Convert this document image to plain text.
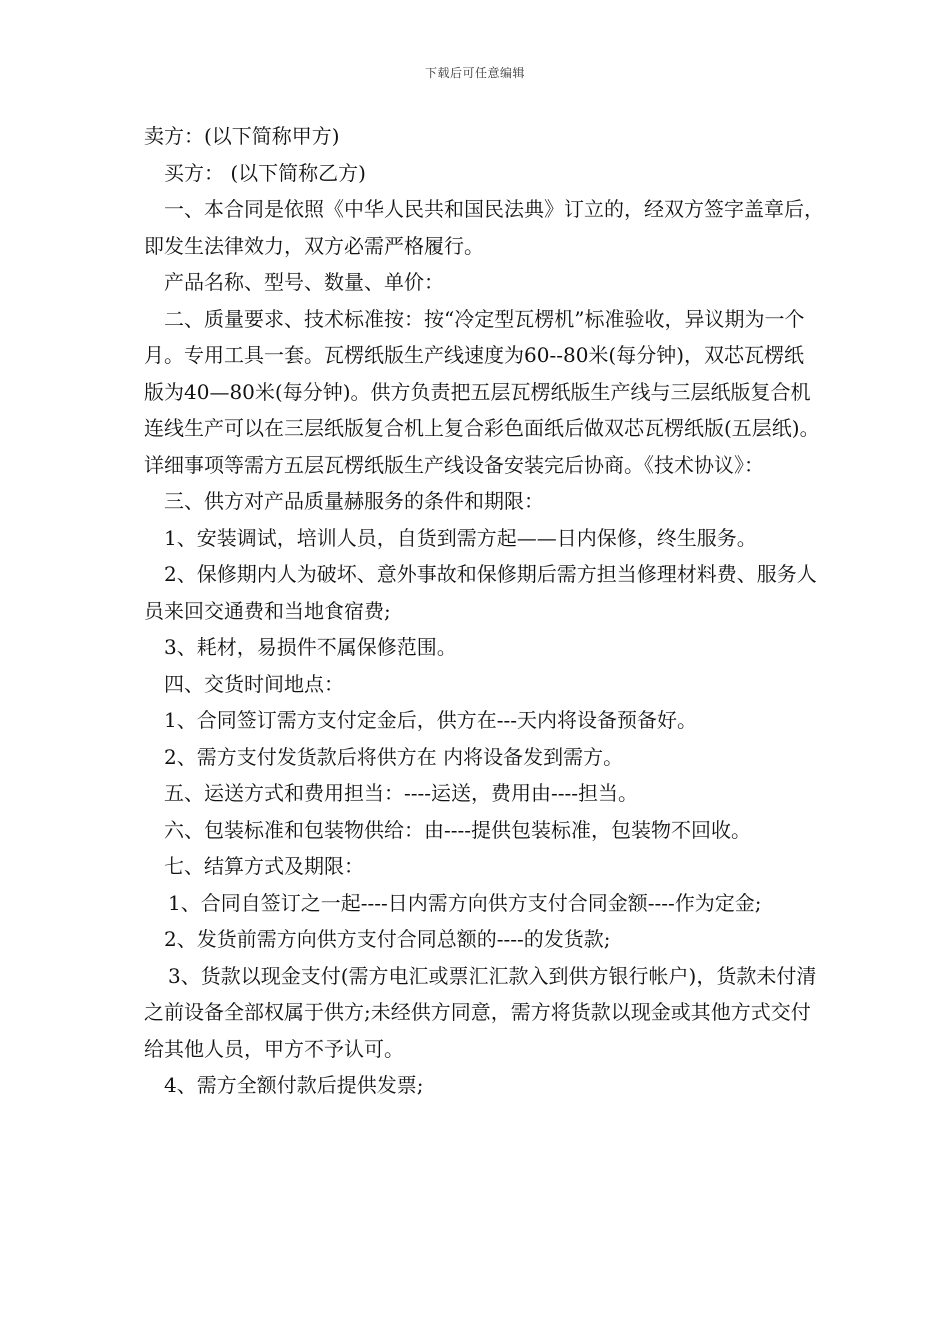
下载后可任意编辑

卖方：(以下简称甲方)

买方： (以下简称乙方)

一、本合同是依照《中华人民共和国民法典》订立的，经双方签字盖章后，即发生法律效力，双方必需严格履行。

产品名称、型号、数量、单价：

二、质量要求、技术标准按：按“冷定型瓦楞机”标准验收，异议期为一个月。专用工具一套。瓦楞纸版生产线速度为60--80米(每分钟)，双芯瓦楞纸版为40—80米(每分钟)。供方负责把五层瓦楞纸版生产线与三层纸版复合机连线生产可以在三层纸版复合机上复合彩色面纸后做双芯瓦楞纸版(五层纸)。详细事项等需方五层瓦楞纸版生产线设备安装完后协商。《技术协议》：

三、供方对产品质量赫服务的条件和期限：

1、安装调试，培训人员，自货到需方起——日内保修，终生服务。

2、保修期内人为破坏、意外事故和保修期后需方担当修理材料费、服务人员来回交通费和当地食宿费;

3、耗材，易损件不属保修范围。

四、交货时间地点：

1、合同签订需方支付定金后，供方在---天内将设备预备好。

2、需方支付发货款后将供方在 内将设备发到需方。

五、运送方式和费用担当：----运送，费用由----担当。

六、包装标准和包装物供给：由----提供包装标准，包装物不回收。

七、结算方式及期限：

1、合同自签订之一起----日内需方向供方支付合同金额----作为定金;

2、发货前需方向供方支付合同总额的----的发货款;

3、货款以现金支付(需方电汇或票汇汇款入到供方银行帐户)，货款未付清之前设备全部权属于供方;未经供方同意，需方将货款以现金或其他方式交付给其他人员，甲方不予认可。

4、需方全额付款后提供发票;
